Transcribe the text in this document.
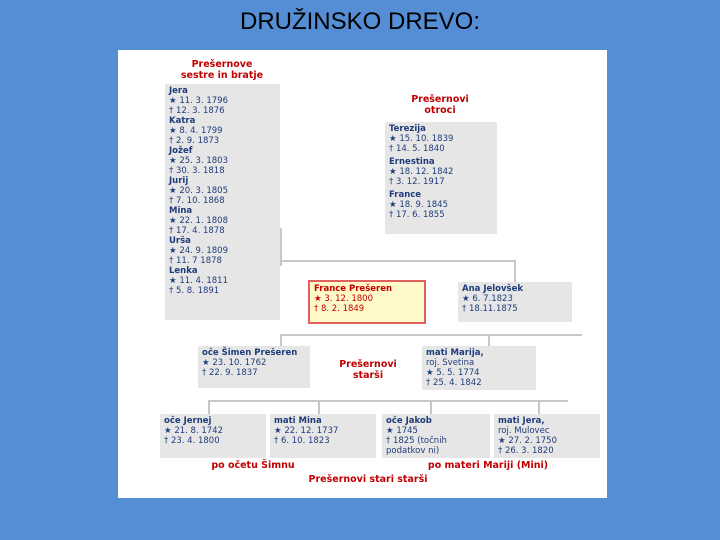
DRUŽINSKO DREVO:
Prešernove
sestre in bratje
Prešernovi
otroci
Prešernovi
starši
Jera
★ 11. 3. 1796
† 12. 3. 1876
Katra
★ 8. 4. 1799
† 2. 9. 1873
Jožef
★ 25. 3. 1803
† 30. 3. 1818
Jurij
★ 20. 3. 1805
† 7. 10. 1868
Mina
★ 22. 1. 1808
† 17. 4. 1878
Urša
★ 24. 9. 1809
† 11. 7 1878
Lenka
★ 11. 4. 1811
† 5. 8. 1891
Terezija
★ 15. 10. 1839
† 14. 5. 1840
Ernestina
★ 18. 12. 1842
† 3. 12. 1917
France
★ 18. 9. 1845
† 17. 6. 1855
France Prešeren
★ 3. 12. 1800
† 8. 2. 1849
Ana Jelovšek
★ 6. 7.1823
† 18.11.1875
oče Šimen Prešeren
★ 23. 10. 1762
† 22. 9. 1837
mati Marija,
roj. Svetina
★ 5. 5. 1774
† 25. 4. 1842
oče Jernej
★ 21. 8. 1742
† 23. 4. 1800
mati Mina
★ 22. 12. 1737
† 6. 10. 1823
oče Jakob
★ 1745
† 1825 (točnih
podatkov ni)
mati Jera,
roj. Mulovec
★ 27. 2. 1750
† 26. 3. 1820
po očetu Šimnu	po materi Mariji (Mini)
Prešernovi stari starši
